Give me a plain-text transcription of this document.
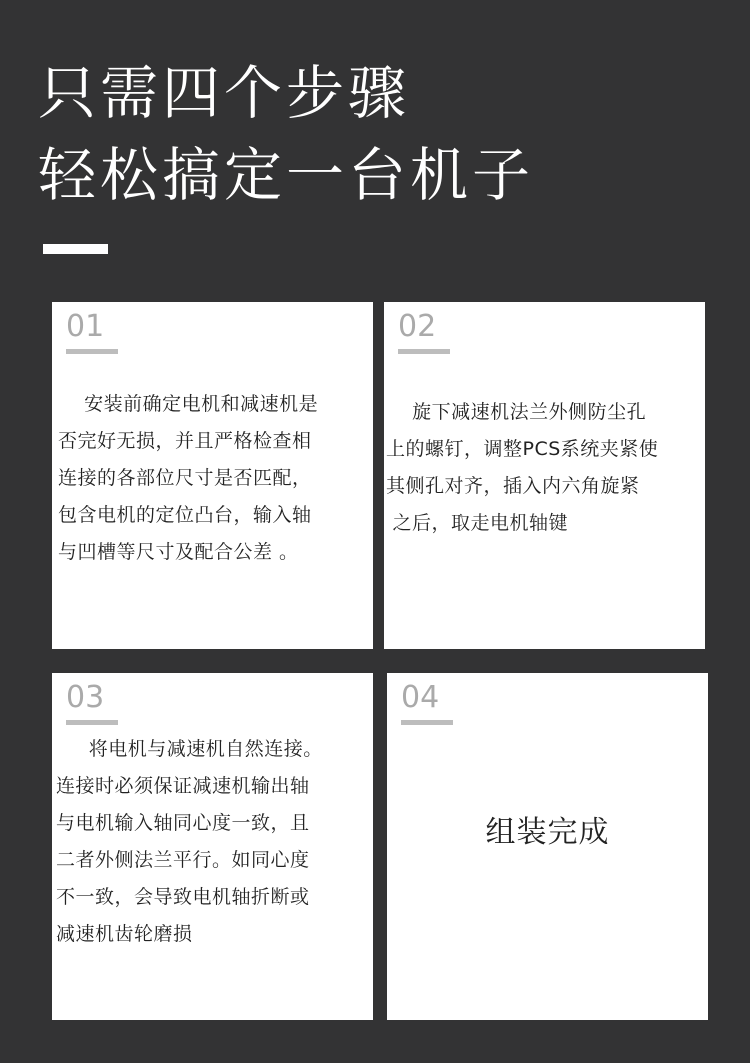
只需四个步骤
轻松搞定一台机子
01

安装前确定电机和减速机是

否完好无损，并且严格检查相

连接的各部位尺寸是否匹配，

包含电机的定位凸台，输入轴

与凹槽等尺寸及配合公差 。

02

旋下减速机法兰外侧防尘孔

上的螺钉，调整PCS系统夹紧使

其侧孔对齐，插入内六角旋紧

之后，取走电机轴键

03

将电机与减速机自然连接。

连接时必须保证减速机输出轴

与电机输入轴同心度一致，且

二者外侧法兰平行。如同心度

不一致，会导致电机轴折断或

减速机齿轮磨损

04
组装完成
